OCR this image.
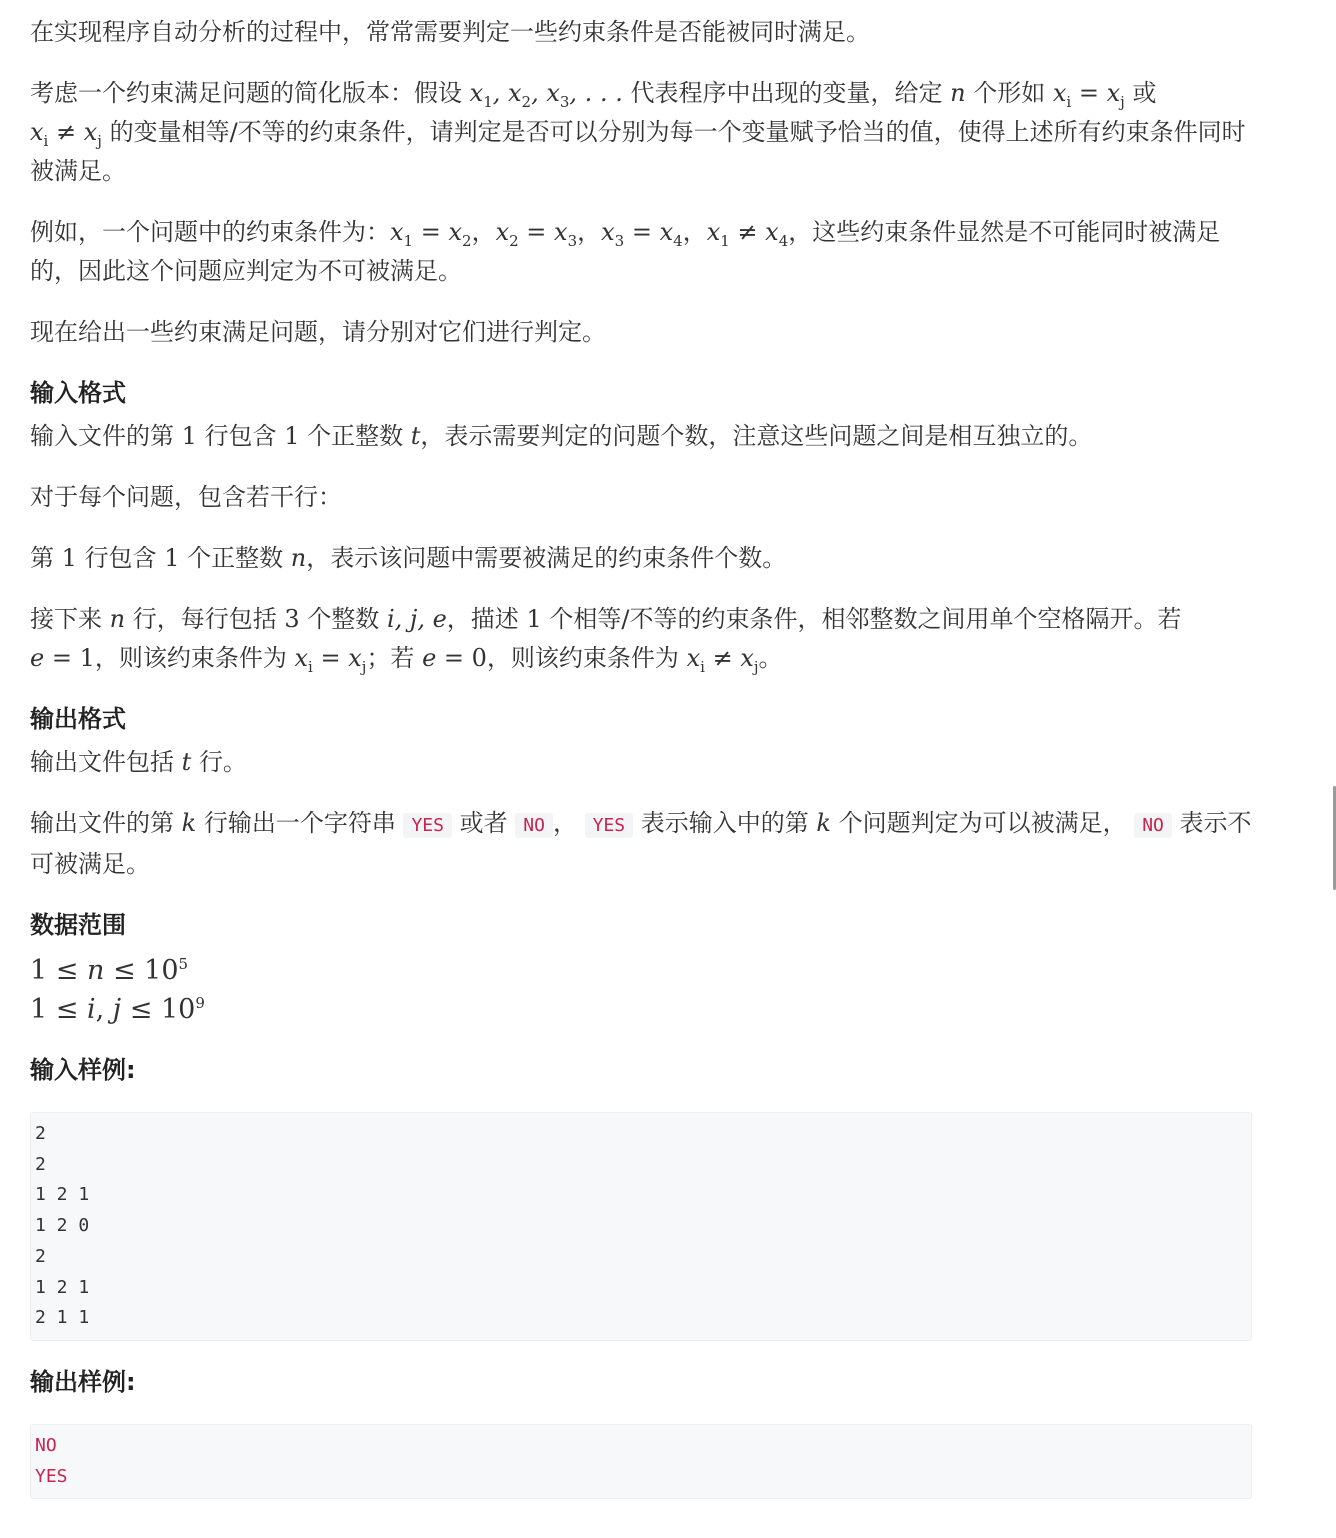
在实现程序自动分析的过程中，常常需要判定一些约束条件是否能被同时满足。

考虑一个约束满足问题的简化版本：假设 $x_1$, $x_2$, $x_3$, . . . 代表程序中出现的变量，给定 n 个形如 $x_i = x_j$ 或
$x_i \ne x_j$ 的变量相等/不等的约束条件，请判定是否可以分别为每一个变量赋予恰当的值，使得上述所有约束条件同时被满足。

例如，一个问题中的约束条件为：$x_1 = x_2$，$x_2 = x_3$，$x_3 = x_4$，$x_1 \ne x_4$，这些约束条件显然是不可能同时被满足的，因此这个问题应判定为不可被满足。

现在给出一些约束满足问题，请分别对它们进行判定。

输入格式

输入文件的第 1 行包含 1 个正整数 t，表示需要判定的问题个数，注意这些问题之间是相互独立的。

对于每个问题，包含若干行：

第 1 行包含 1 个正整数 n，表示该问题中需要被满足的约束条件个数。

接下来 n 行，每行包括 3 个整数 i, j, e，描述 1 个相等/不等的约束条件，相邻整数之间用单个空格隔开。若
e = 1，则该约束条件为 $x_i = x_j$；若 e = 0，则该约束条件为 $x_i \ne x_j$。

输出格式

输出文件包括 t 行。

输出文件的第 k 行输出一个字符串 YES 或者 NO ， YES 表示输入中的第 k 个问题判定为可以被满足， NO 表示不可被满足。

数据范围
$1 \le n \le 10^5$
1 ≤ i, $j \le 10^9$
输入样例:
2
2
1 2 1
1 2 0
2
1 2 1
2 1 1
输出样例:
NO
YES
